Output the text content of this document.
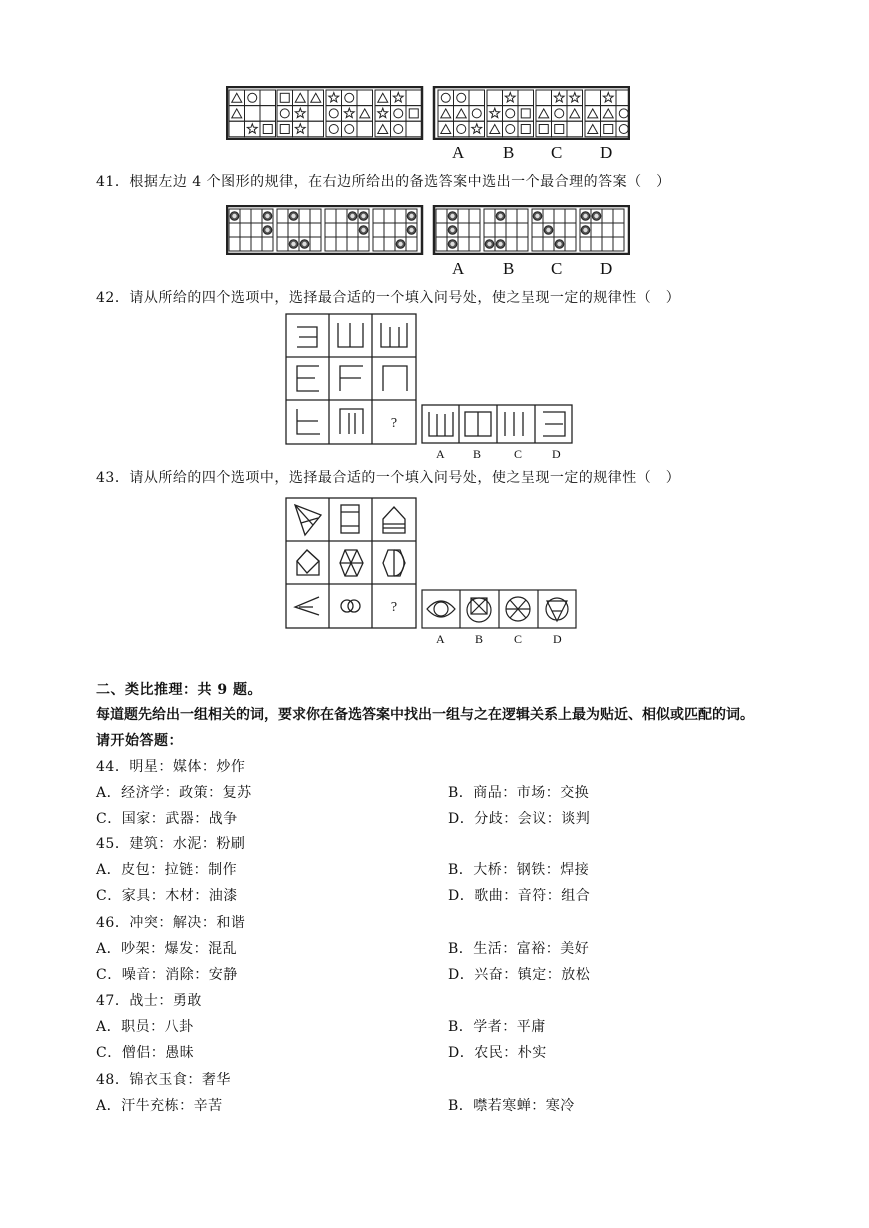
A B C D
41．根据左边 4 个图形的规律，在右边所给出的备选答案中选出一个最合理的答案（　）
A B C D
42．请从所给的四个选项中，选择最合适的一个填入问号处，使之呈现一定的规律性（　）
?
A B	C D
43．请从所给的四个选项中，选择最合适的一个填入问号处，使之呈现一定的规律性（　）
?
A	B	C	D
二、类比推理：共 9 题。
每道题先给出一组相关的词，要求你在备选答案中找出一组与之在逻辑关系上最为贴近、相似或匹配的词。
请开始答题：
44．明星：媒体：炒作
A．经济学：政策：复苏	B．商品：市场：交换
C．国家：武器：战争	D．分歧：会议：谈判
45．建筑：水泥：粉刷
A．皮包：拉链：制作	B．大桥：钢铁：焊接
C．家具：木材：油漆	D．歌曲：音符：组合
46．冲突：解决：和谐
A．吵架：爆发：混乱	B．生活：富裕：美好
C．噪音：消除：安静	D．兴奋：镇定：放松
47．战士：勇敢
A．职员：八卦	B．学者：平庸
C．僧侣：愚昧	D．农民：朴实
48．锦衣玉食：奢华
A．汗牛充栋：辛苦	B．噤若寒蝉：寒冷
